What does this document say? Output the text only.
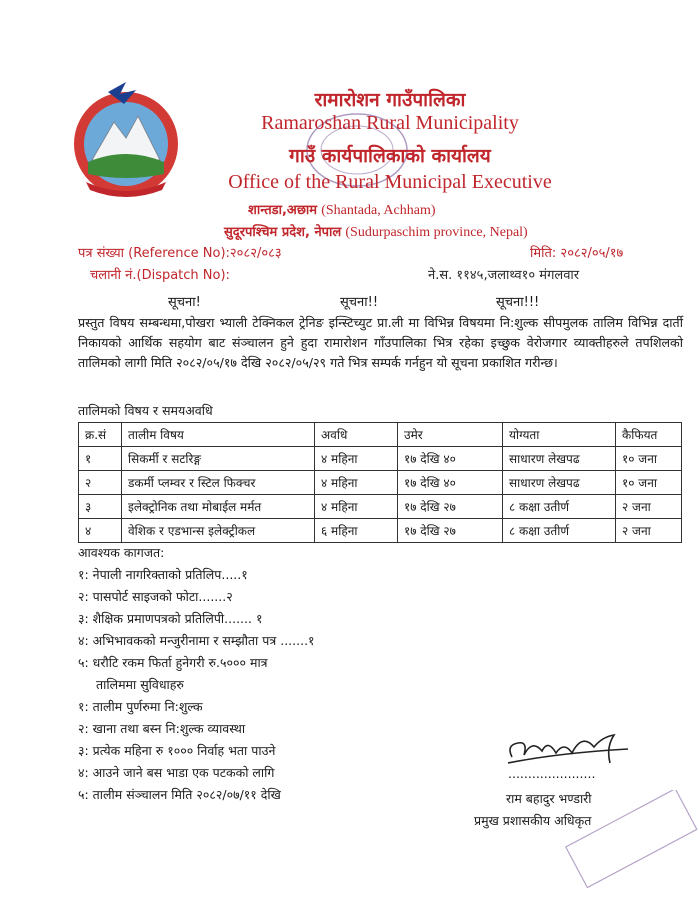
रामारोशन गाउँपालिका
Ramaroshan Rural Municipality
गाउँ कार्यपालिकाको कार्यालय
Office of the Rural Municipal Executive
शान्तडा,अछाम (Shantada, Achham)
सुदूरपश्चिम प्रदेश, नेपाल (Sudurpaschim province, Nepal)
पत्र संख्या (Reference No):२०८२/०८३	मिति: २०८२/०५/१७
चलानी नं.(Dispatch No):	ने.स. ११४५,जलाथ्व१० मंगलवार
सूचना!	सूचना!!	सूचना!!!
प्रस्तुत विषय सम्बन्धमा,पोखरा भ्याली टेक्निकल ट्रेनिङ इन्स्टिच्युट प्रा.ली मा विभिन्न विषयमा नि:शुल्क सीपमुलक तालिम विभिन्न दार्ती निकायको आर्थिक सहयोग बाट संञ्चालन हुने हुदा रामारोशन गाँउपालिका भित्र रहेका इच्छुक वेरोजगार व्याक्तीहरुले तपशिलको तालिमको लागी मिति २०८२/०५/१७ देखि २०८२/०५/२९ गते भित्र सम्पर्क गर्नहुन यो सूचना प्रकाशित गरीन्छ।
तालिमको विषय र समयअवधि
क्र.सं	तालीम विषय	अवधि	उमेर	योग्यता	कैफियत
१	सिकर्मी र सटरिङ्ग	४ महिना	१७ देखि ४०	साधारण लेखपढ	१० जना
२	डकर्मी प्लम्वर र स्टिल फिक्चर	४ महिना	१७ देखि ४०	साधारण लेखपढ	१० जना
३	इलेक्ट्रोनिक तथा मोबाईल मर्मत	४ महिना	१७ देखि २७	८ कक्षा उतीर्ण	२ जना
४	वेशिक र एडभान्स इलेक्ट्रीकल	६ महिना	१७ देखि २७	८ कक्षा उतीर्ण	२ जना
आवश्यक कागजत:
१: नेपाली नागरिक्ताको प्रतिलिप.....१
२: पासपोर्ट साइजको फोटा.......२
३: शैक्षिक प्रमाणपत्रको प्रतिलिपी....... १
४: अभिभावकको मन्जुरीनामा र सम्झौता पत्र .......१
५: धरौटि रकम फिर्ता हुनेगरी रु.५००० मात्र
तालिममा सुविधाहरु
१: तालीम पुर्णरुमा नि:शुल्क
२: खाना तथा बस्न नि:शुल्क व्यावस्था
३: प्रत्येक महिना रु १००० निर्वाह भता पाउने
४: आउने जाने बस भाडा एक पटकको लागि
५: तालीम संञ्चालन मिति २०८२/०७/११ देखि
......................
राम बहादुर भण्डारी
प्रमुख प्रशासकीय अधिकृत
